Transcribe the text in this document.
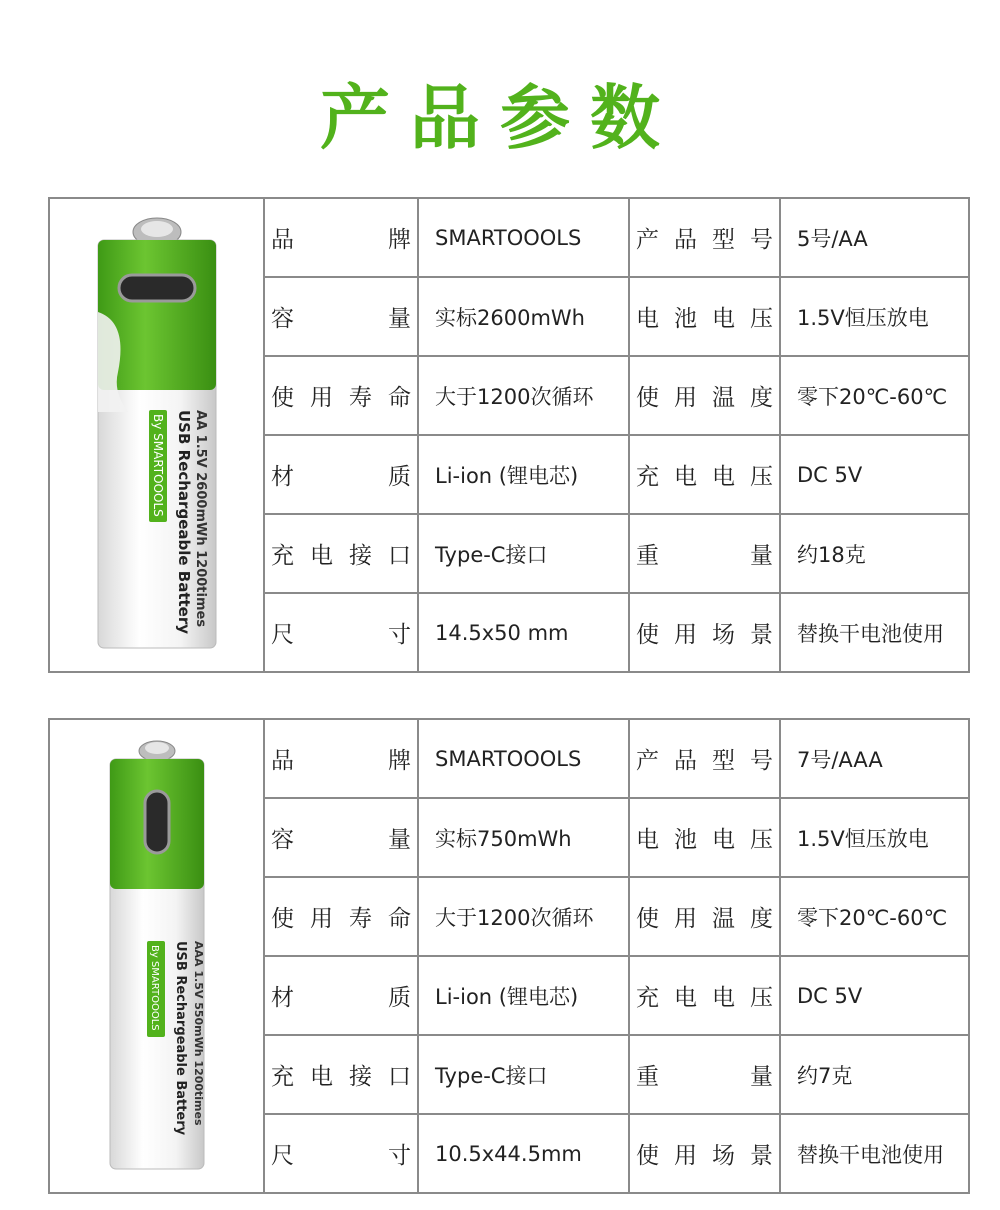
产品参数
AA 1.5V 2600mWh 1200times
USB Rechargeable Battery
By SMARTOOOLS	品 牌	SMARTOOOLS	产 品 型 号	5号/AA

	容 量	实标2600mWh	电 池 电 压	1.5V恒压放电

	使 用 寿 命	大于1200次循环	使 用 温 度	零下20℃-60℃

	材 质	Li-ion (锂电芯)	充 电 电 压	DC 5V

	充 电 接 口	Type-C接口	重 量	约18克

	尺 寸	14.5x50 mm	使 用 场 景	替换干电池使用
AAA 1.5V 550mWh 1200times
USB Rechargeable Battery
By SMARTOOOLS	品 牌	SMARTOOOLS	产 品 型 号	7号/AAA

	容 量	实标750mWh	电 池 电 压	1.5V恒压放电

	使 用 寿 命	大于1200次循环	使 用 温 度	零下20℃-60℃

	材 质	Li-ion (锂电芯)	充 电 电 压	DC 5V

	充 电 接 口	Type-C接口	重 量	约7克

	尺 寸	10.5x44.5mm	使 用 场 景	替换干电池使用
